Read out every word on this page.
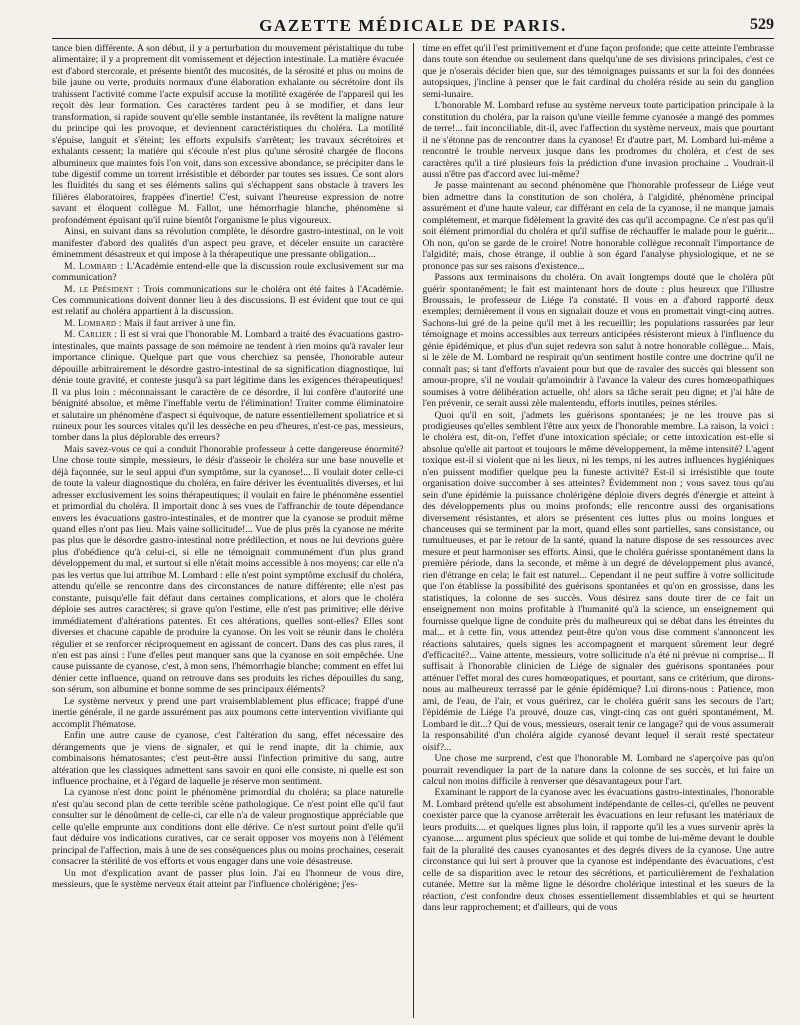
GAZETTE MÉDICALE DE PARIS.	529

tance bien différente. A son début, il y a perturbation du mouvement péristaltique du tube alimentaire; il y a proprement dit vomissement et déjection intestinale. La matière évacuée est d'abord stercorale, et présente bientôt des mucosités, de la sérosité et plus ou moins de bile jaune ou verte, produits normaux d'une élaboration exhalante ou sécrétoire dont ils trahissent l'activité comme l'acte expulsif accuse la motilité exagérée de l'appareil qui les reçoit dès leur formation. Ces caractères tardent peu à se modifier, et dans leur transformation, si rapide souvent qu'elle semble instantanée, ils revêtent la maligne nature du principe qui les provoque, et deviennent caractéristiques du choléra. La motilité s'épuise, languit et s'éteint; les efforts expulsifs s'arrêtent; les travaux sécrétoires et exhalants cessent; la matière qui s'écoule n'est plus qu'une sérosité chargée de flocons albumineux que maintes fois l'on voit, dans son excessive abondance, se précipiter dans le tube digestif comme un torrent irrésistible et déborder par toutes ses issues. Ce sont alors les fluidités du sang et ses éléments salins qui s'échappent sans obstacle à travers les filières élaboratoires, frappées d'inertie! C'est, suivant l'heureuse expression de notre savant et éloquent collègue M. Fallot, une hémorrhagie blanche, phénomène si profondément épuisant qu'il ruine bientôt l'organisme le plus vigoureux.

Ainsi, en suivant dans sa révolution complète, le désordre gastro-intestinal, on le voit manifester d'abord des qualités d'un aspect peu grave, et déceler ensuite un caractère éminemment désastreux et qui impose à la thérapeutique une pressante obligation...

M. Lombard : L'Académie entend-elle que la discussion roule exclusivement sur ma communication?

M. le Président : Trois communications sur le choléra ont été faites à l'Académie. Ces communications doivent donner lieu à des discussions. Il est évident que tout ce qui est relatif au choléra appartient à la discussion.

M. Lombard : Mais il faut arriver à une fin.

M. Carlier : Il est si vrai que l'honorable M. Lombard a traité des évacuations gastro-intestinales, que maints passage de son mémoire ne tendent à rien moins qu'à ravaler leur importance clinique. Quelque part que vous cherchiez sa pensée, l'honorable auteur dépouille arbitrairement le désordre gastro-intestinal de sa signification diagnostique, lui dénie toute gravité, et conteste jusqu'à sa part légitime dans les exigences thérapeutiques! Il va plus loin : méconnaissant le caractère de ce désordre, il lui confère d'autorité une bénignité absolue, et même l'ineffable vertu de l'élimination! Traiter comme éliminatoire et salutaire un phénomène d'aspect si équivoque, de nature essentiellement spoliatrice et si ruineux pour les sources vitales qu'il les dessèche en peu d'heures, n'est-ce pas, messieurs, tomber dans la plus déplorable des erreurs?

Mais savez-vous ce qui a conduit l'honorable professeur à cette dangereuse énormité? Une chose toute simple, messieurs, le désir d'asseoir le choléra sur une base nouvelle et déjà façonnée, sur le seul appui d'un symptôme, sur la cyanose!... Il voulait doter celle-ci de toute la valeur diagnostique du choléra, en faire dériver les éventualités diverses, et lui adresser exclusivement les soins thérapeutiques; il voulait en faire le phénomène essentiel et primordial du choléra. Il importait donc à ses vues de l'affranchir de toute dépendance envers les évacuations gastro-intestinales, et de montrer que la cyanose se produit même quand elles n'ont pas lieu. Mais vaine sollicitude!... Vue de plus près la cyanose ne mérite pas plus que le désordre gastro-intestinal notre prédilection, et nous ne lui devrions guère plus d'obédience qu'à celui-ci, si elle ne témoignait communément d'un plus grand développement du mal, et surtout si elle n'était moins accessible à nos moyens; car elle n'a pas les vertus que lui attribue M. Lombard : elle n'est point symptôme exclusif du choléra, attendu qu'elle se rencontre dans des circonstances de nature différente; elle n'est pas constante, puisqu'elle fait défaut dans certaines complications, et alors que le choléra déploie ses autres caractères; si grave qu'on l'estime, elle n'est pas primitive; elle dérive immédiatement d'altérations patentes. Et ces altérations, quelles sont-elles? Elles sont diverses et chacune capable de produire la cyanose. On les voit se réunir dans le choléra régulier et se renforcer réciproquement en agissant de concert. Dans des cas plus rares, il n'en est pas ainsi : l'une d'elles peut manquer sans que la cyanose en soit empêchée. Une cause puissante de cyanose, c'est, à mon sens, l'hémorrhagie blanche; comment en effet lui dénier cette influence, quand on retrouve dans ses produits les riches dépouilles du sang, son sérum, son albumine et bonne somme de ses principaux éléments?

Le système nerveux y prend une part vraisemblablement plus efficace; frappé d'une inertie générale, il ne garde assurément pas aux poumons cette intervention vivifiante qui accomplit l'hématose.

Enfin une autre cause de cyanose, c'est l'altération du sang, effet nécessaire des dérangements que je viens de signaler, et qui le rend inapte, dit la chimie, aux combinaisons hématosantes; c'est peut-être aussi l'infection primitive du sang, autre altération que les classiques admettent sans savoir en quoi elle consiste, ni quelle est son influence prochaine, et à l'égard de laquelle je réserve mon sentiment.

La cyanose n'est donc point le phénomène primordial du choléra; sa place naturelle n'est qu'au second plan de cette terrible scène pathologique. Ce n'est point elle qu'il faut consulter sur le dénoûment de celle-ci, car elle n'a de valeur prognostique appréciable que celle qu'elle emprunte aux conditions dont elle dérive. Ce n'est surtout point d'elle qu'il faut déduire vos indications curatives, car ce serait opposer vos moyens non à l'élément principal de l'affection, mais à une de ses conséquences plus ou moins prochaines, ceserait consacrer la stérilité de vos efforts et vous engager dans une voie désastreuse.

Un mot d'explication avant de passer plus loin. J'ai eu l'honneur de vous dire, messieurs, que le système nerveux était atteint par l'influence cholérigène; j'es-

time en effet qu'il l'est primitivement et d'une façon profonde; que cette atteinte l'embrasse dans toute son étendue ou seulement dans quelqu'une de ses divisions principales, c'est ce que je n'oserais décider bien que, sur des témoignages puissants et sur la foi des données autopsiques, j'incline à penser que le fait cardinal du choléra réside au sein du ganglion semi-lunaire.

L'honorable M. Lombard refuse au système nerveux toute participation principale à la constitution du choléra, par la raison qu'une vieille femme cyanosée a mangé des pommes de terre!... fait inconciliable, dit-il, avec l'affection du système nerveux, mais que pourtant il ne s'étonne pas de rencontrer dans la cyanose! Et d'autre part, M. Lombard lui-même a rencontré le trouble nerveux jusque dans les prodromes du choléra, et c'est de ses caractères qu'il a tiré plusieurs fois la prédiction d'une invasion prochaine .. Voudrait-il aussi n'être pas d'accord avec lui-même?

Je passe maintenant au second phénomène que l'honorable professeur de Liége veut bien admettre dans la constitution de son choléra, à l'algidité, phénomène principal assurément et d'une haute valeur, car différant en cela de la cyanose, il ne manque jamais complétement, et marque fidèlement la gravité des cas qu'il accompagne. Ce n'est pas qu'il soit élément primordial du choléra et qu'il suffise de réchauffer le malade pour le guérir... Oh non, qu'on se garde de le croire! Notre honorable collègue reconnaît l'importance de l'algidité; mais, chose étrange, il oublie à son égard l'analyse physiologique, et ne se prononce pas sur ses raisons d'existence...

Passons aux terminaisons du choléra. On avait longtemps douté que le choléra pût guérir spontanément; le fait est maintenant hors de doute : plus heureux que l'illustre Broussais, le professeur de Liége l'a constaté. Il vous en a d'abord rapporté deux exemples; dernièrement il vous en signalait douze et vous en promettait vingt-cinq autres. Sachons-lui gré de la peine qu'il met à les recueillir; les populations rassurées par leur témoignage et moins accessibles aux terreurs anticipées résisteront mieux à l'influence du génie épidémique, et plus d'un sujet redevra son salut à notre honorable collègue... Mais, si le zèle de M. Lombard ne respirait qu'un sentiment hostile contre une doctrine qu'il ne connaît pas; si tant d'efforts n'avaient pour but que de ravaler des succès qui blessent son amour-propre, s'il ne voulait qu'amoindrir à l'avance la valeur des cures homœopathiques soumises à votre délibération actuelle, oh! alors sa tâche serait peu digne; et j'ai hâte de l'en prévenir, ce serait aussi zèle malentendu, efforts inutiles, peines stériles.

Quoi qu'il en soit, j'admets les guérisons spontanées; je ne les trouve pas si prodigieuses qu'elles semblent l'être aux yeux de l'honorable membre. La raison, la voici : le choléra est, dit-on, l'effet d'une intoxication spéciale; or cette intoxication est-elle si absolue qu'elle ait partout et toujours le même développement, la même intensité? L'agent toxique est-il si violent que ni les lieux, ni les temps, ni les autres influences hygiéniques n'en puissent modifier quelque peu la funeste activité? Est-il si irrésistible que toute organisation doive succomber à ses atteintes? Évidemment non ; vous savez tous qu'au sein d'une épidémie la puissance cholérigène déploie divers degrés d'énergie et atteint à des développements plus ou moins profonds; elle rencontre aussi des organisations diversement résistantes, et alors se présentent ces luttes plus ou moins longues et chanceuses qui se terminent par la mort, quand elles sont partielles, sans consistance, ou tumultueuses, et par le retour de la santé, quand la nature dispose de ses ressources avec mesure et peut harmoniser ses efforts. Ainsi, que le choléra guérisse spontanément dans la première période, dans la seconde, et même à un degré de développement plus avancé, rien d'étrange en cela; le fait est naturel... Cependant il ne peut suffire à votre sollicitude que l'on établisse la possibilité des guérisons spontanées et qu'on en grossisse, dans les statistiques, la colonne de ses succès. Vous désirez sans doute tirer de ce fait un enseignement non moins profitable à l'humanité qu'à la science, un enseignement qui fournisse quelque ligne de conduite près du malheureux qui se débat dans les étreintes du mal... et à cette fin, vous attendez peut-être qu'on vous dise comment s'annoncent les réactions salutaires, quels signes les accompagnent et marquent sûrement leur degré d'efficacité?... Vaine attente, messieurs, votre sollicitude n'a été ni prévue ni comprise... Il suffisait à l'honorable clinicien de Liége de signaler des guérisons spontanées pour atténuer l'effet moral des cures homœopatiques, et pourtant, sans ce critérium, que dirons-nous au malheureux terrassé par le génie épidémique? Lui dirons-nous : Patience, mon ami, de l'eau, de l'air, et vous guérirez, car le choléra guérit sans les secours de l'art; l'épidémie de Liége l'a prouvé, douze cas, vingt-cinq cas ont guéri spontanément, M. Lombard le dit...? Qui de vous, messieurs, oserait tenir ce langage? qui de vous assumerait la responsabilité d'un choléra algide cyanosé devant lequel il serait resté spectateur oisif?...

Une chose me surprend, c'est que l'honorable M. Lombard ne s'aperçoive pas qu'on pourrait revendiquer la part de la nature dans la colonne de ses succès, et lui faire un calcul non moins difficile à renverser que désavantageux pour l'art.

Examinant le rapport de la cyanose avec les évacuations gastro-intestinales, l'honorable M. Lombard prétend qu'elle est absolument indépendante de celles-ci, qu'elles ne peuvent coexister parce que la cyanose arrêterait les évacuations en leur refusant les matériaux de leurs produits.... et quelques lignes plus loin, il rapporte qu'il les a vues survenir après la cyanose.... argument plus spécieux que solide et qui tombe de lui-même devant le double fait de la pluralité des causes cyanosantes et des degrés divers de la cyanose. Une autre circonstance qui lui sert à prouver que la cyanose est indépendante des évacuations, c'est celle de sa disparition avec le retour des sécrétions, et particulièrement de l'exhalation cutanée. Mettre sur la même ligne le désordre cholérique intestinal et les sueurs de la réaction, c'est confondre deux choses essentiellement dissemblables et qui se heurtent dans leur rapprochement; et d'ailleurs, qui de vous
